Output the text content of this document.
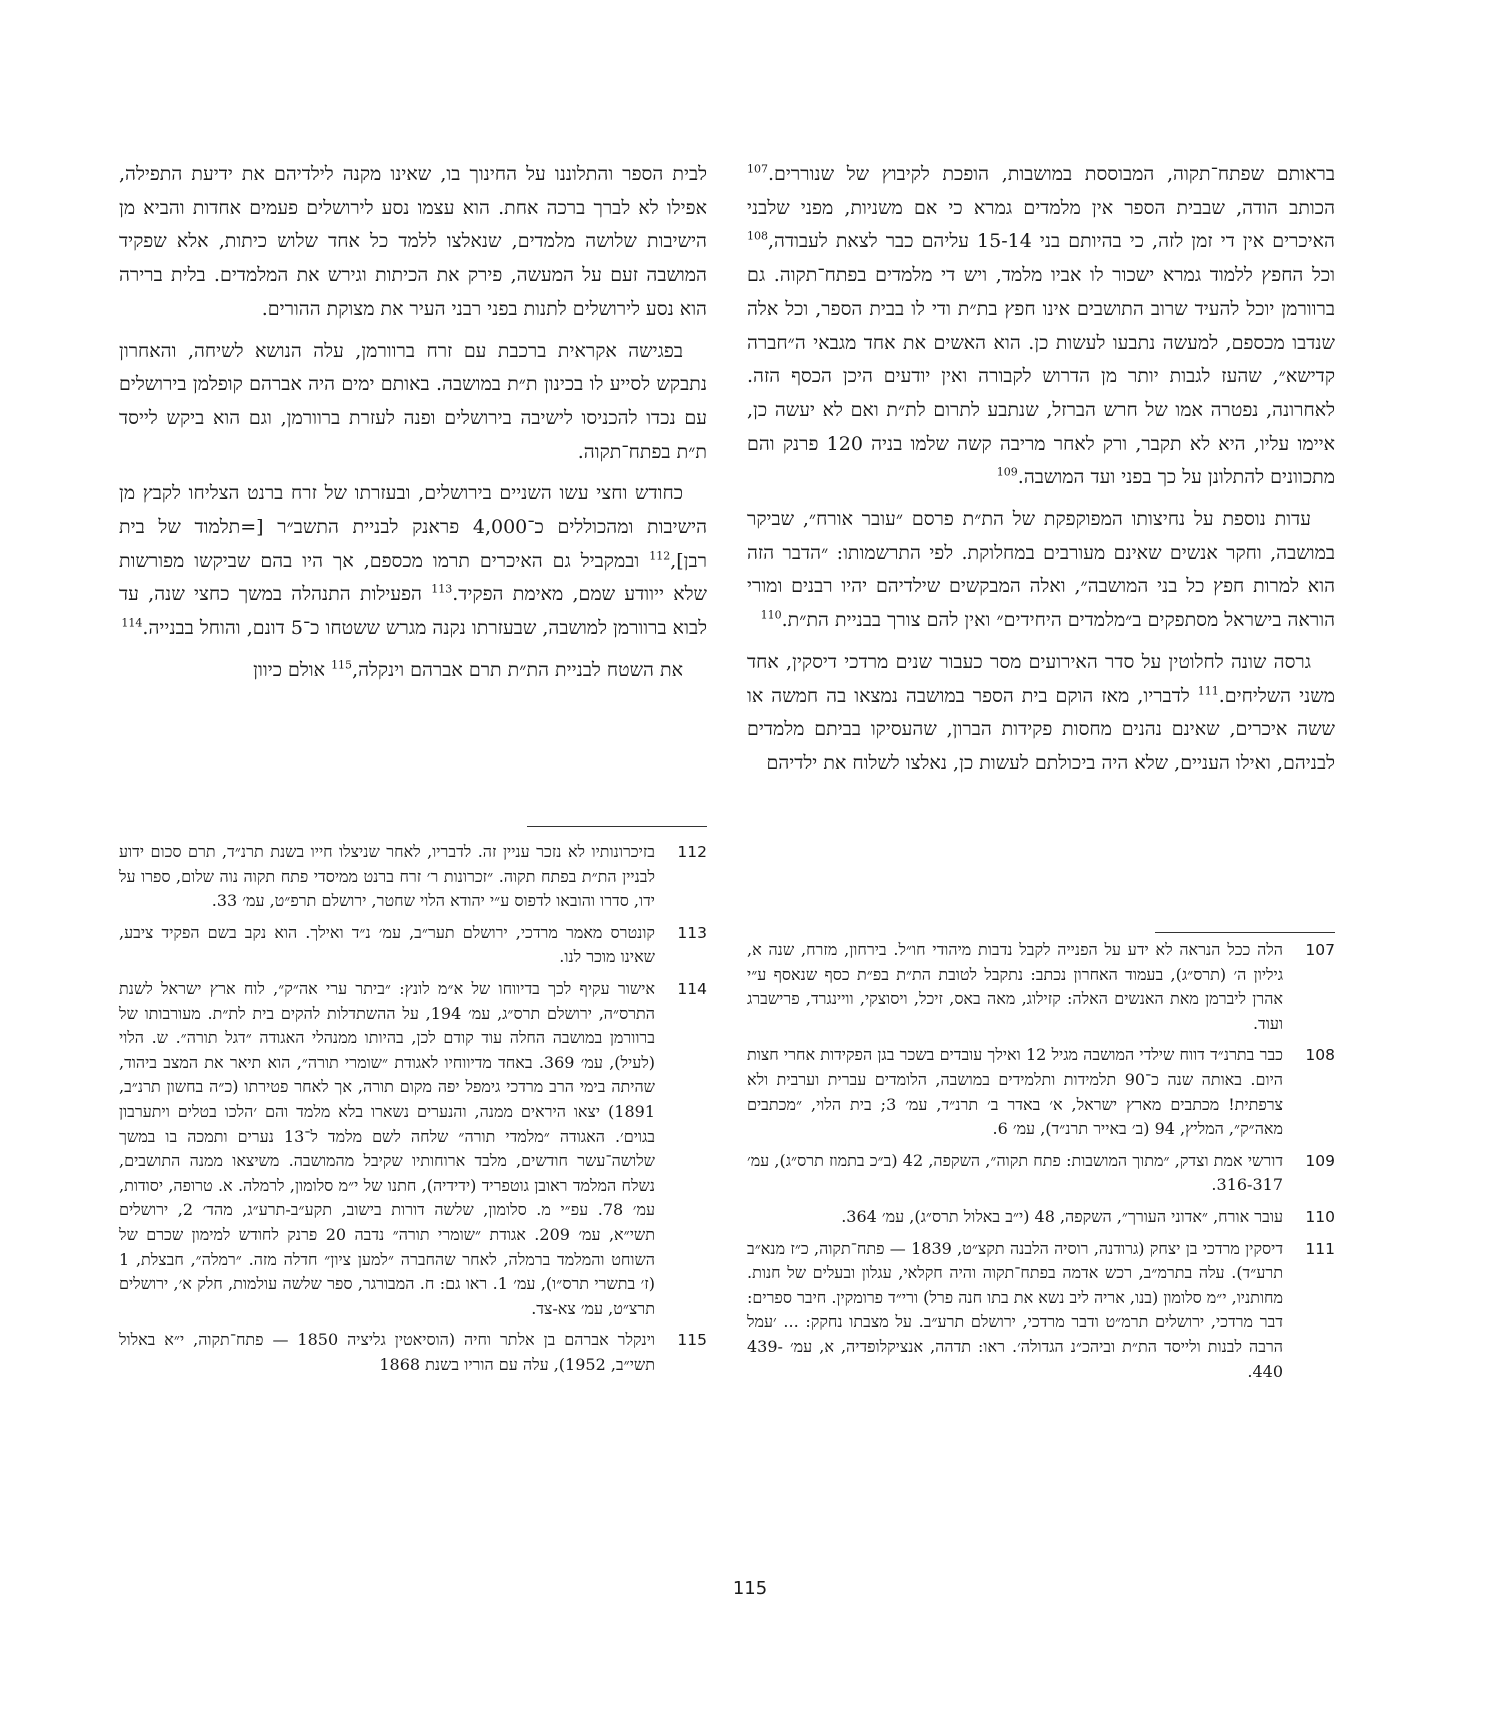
בראותם שפתח־תקוה, המבוססת במושבות, הופכת לקיבוץ של שנוררים.$^{107}$ הכותב הודה, שבבית הספר אין מלמדים גמרא כי אם משניות, מפני שלבני האיכרים אין די זמן לזה, כי בהיותם בני 15-14 עליהם כבר לצאת לעבודה,$^{108}$ וכל החפץ ללמוד גמרא ישכור לו אביו מלמד, ויש די מלמדים בפתח־תקוה. גם ברוורמן יוכל להעיד שרוב התושבים אינו חפץ בת״ת ודי לו בבית הספר, וכל אלה שנדבו מכספם, למעשה נתבעו לעשות כן. הוא האשים את אחד מגבאי ה״חברה קדישא״, שהעז לגבות יותר מן הדרוש לקבורה ואין יודעים היכן הכסף הזה. לאחרונה, נפטרה אמו של חרש הברזל, שנתבע לתרום לת״ת ואם לא יעשה כן, איימו עליו, היא לא תקבר, ורק לאחר מריבה קשה שלמו בניה 120 פרנק והם מתכוונים להתלונן על כך בפני ועד המושבה.$^{109}$

עדות נוספת על נחיצותו המפוקפקת של הת״ת פרסם ״עובר אורח״, שביקר במושבה, וחקר אנשים שאינם מעורבים במחלוקת. לפי התרשמותו: ״הדבר הזה הוא למרות חפץ כל בני המושבה״, ואלה המבקשים שילדיהם יהיו רבנים ומורי הוראה בישראל מסתפקים ב״מלמדים היחידים״ ואין להם צורך בבניית הת״ת.$^{110}$

גרסה שונה לחלוטין על סדר האירועים מסר כעבור שנים מרדכי דיסקין, אחד משני השליחים.$^{111}$ לדבריו, מאז הוקם בית הספר במושבה נמצאו בה חמשה או ששה איכרים, שאינם נהנים מחסות פקידות הברון, שהעסיקו בביתם מלמדים לבניהם, ואילו העניים, שלא היה ביכולתם לעשות כן, נאלצו לשלוח את ילדיהם

לבית הספר והתלוננו על החינוך בו, שאינו מקנה לילדיהם את ידיעת התפילה, אפילו לא לברך ברכה אחת. הוא עצמו נסע לירושלים פעמים אחדות והביא מן הישיבות שלושה מלמדים, שנאלצו ללמד כל אחד שלוש כיתות, אלא שפקיד המושבה זעם על המעשה, פירק את הכיתות וגירש את המלמדים. בלית ברירה הוא נסע לירושלים לתנות בפני רבני העיר את מצוקת ההורים.

בפגישה אקראית ברכבת עם זרח ברוורמן, עלה הנושא לשיחה, והאחרון נתבקש לסייע לו בכינון ת״ת במושבה. באותם ימים היה אברהם קופלמן בירושלים עם נכדו להכניסו לישיבה בירושלים ופנה לעזרת ברוורמן, וגם הוא ביקש לייסד ת״ת בפתח־תקוה.

כחודש וחצי עשו השניים בירושלים, ובעזרתו של זרח ברנט הצליחו לקבץ מן הישיבות ומהכוללים כ־4,000 פראנק לבניית התשב״ר [=תלמוד של בית רבן],$^{112}$ ובמקביל גם האיכרים תרמו מכספם, אך היו בהם שביקשו מפורשות שלא ייוודע שמם, מאימת הפקיד.$^{113}$ הפעילות התנהלה במשך כחצי שנה, עד לבוא ברוורמן למושבה, שבעזרתו נקנה מגרש ששטחו כ־5 דונם, והוחל בבנייה.$^{114}$

את השטח לבניית הת״ת תרם אברהם וינקלה,$^{115}$ אולם כיוון

107
הלה ככל הנראה לא ידע על הפנייה לקבל נדבות מיהודי חו״ל. בירחון, מזרח, שנה א, גיליון ה׳ (תרס״ג), בעמוד האחרון נכתב: נתקבל לטובת הת״ת בפ״ת כסף שנאסף ע״י אהרן ליברמן מאת האנשים האלה: קזילוג, מאה באס, זיכל, ויסוצקי, וויינגרד, פרישברג ועוד.
108
כבר בתרנ״ד דווח שילדי המושבה מגיל 12 ואילך עובדים בשכר בגן הפקידות אחרי חצות היום. באותה שנה כ־90 תלמידות ותלמידים במושבה, הלומדים עברית וערבית ולא צרפתית! מכתבים מארץ ישראל, א׳ באדר ב׳ תרנ״ד, עמ׳ 3; בית הלוי, ״מכתבים מאה״ק״, המליץ, 94 (ב׳ באייר תרנ״ד), עמ׳ 6.
109
דורשי אמת וצדק, ״מתוך המושבות: פתח תקוה״, השקפה, 42 (ב״כ בתמוז תרס״ג), עמ׳ 316-317.
110
עובר אורח, ״אדוני העורך״, השקפה, 48 (י״ב באלול תרס״ג), עמ׳ 364.
111
דיסקין מרדכי בן יצחק (גרודנה, רוסיה הלבנה תקצ״ט, 1839 — פתח־תקוה, כ״ז מנא״ב תרע״ד). עלה בתרמ״ב, רכש אדמה בפתח־תקוה והיה חקלאי, עגלון ובעלים של חנות. מחותניו, י״מ סלומון (בנו, אריה ליב נשא את בתו חנה פרל) ורי״ד פרומקין. חיבר ספרים: דבר מרדכי, ירושלים תרמ״ט ודבר מרדכי, ירושלם תרע״ב. על מצבתו נחקק: ... ׳עמל הרבה לבנות ולייסד הת״ת וביהכ״נ הגדולה׳. ראו: תדהה, אנציקלופדיה, א, עמ׳ 439-440.
112
בזיכרונותיו לא נזכר עניין זה. לדבריו, לאחר שניצלו חייו בשנת תרנ״ד, תרם סכום ידוע לבניין הת״ת בפתח תקוה. ״זכרונות ר׳ זרח ברנט ממיסדי פתח תקוה נוה שלום, ספרו על ידו, סדרו והובאו לדפוס ע״י יהודא הלוי שחטר, ירושלם תרפ״ט, עמ׳ 33.
113
קונטרס מאמר מרדכי, ירושלם תער״ב, עמ׳ נ״ד ואילך. הוא נקב בשם הפקיד ציבע, שאינו מוכר לנו.
114
אישור עקיף לכך בדיווחו של א״מ לונץ: ״ביתר ערי אה״ק״, לוח ארץ ישראל לשנת התרס״ה, ירושלם תרס״ג, עמ׳ 194, על ההשתדלות להקים בית לת״ת. מעורבותו של ברוורמן במושבה החלה עוד קודם לכן, בהיותו ממנהלי האגודה ״דגל תורה״. ש. הלוי (לעיל), עמ׳ 369. באחד מדיווחיו לאגודת ״שומרי תורה״, הוא תיאר את המצב ביהוד, שהיתה בימי הרב מרדכי גימפל יפה מקום תורה, אך לאחר פטירתו (כ״ה בחשון תרנ״ב, 1891) יצאו היראים ממנה, והנערים נשארו בלא מלמד והם ׳הלכו בטלים ויתערבון בגוים׳. האגודה ״מלמדי תורה״ שלחה לשם מלמד ל־13 נערים ותמכה בו במשך שלושה־עשר חודשים, מלבד ארוחותיו שקיבל מהמושבה. משיצאו ממנה התושבים, נשלח המלמד ראובן גוטפריד (ידידיה), חתנו של י״מ סלומון, לרמלה. א. טרופה, יסודות, עמ׳ 78. עפ״י מ. סלומון, שלשה דורות בישוב, תקע״ב-תרע״ג, מהד׳ 2, ירושלים תשי״א, עמ׳ 209. אגודת ״שומרי תורה״ נדבה 20 פרנק לחודש למימון שכרם של השוחט והמלמד ברמלה, לאחר שהחברה ״למען ציון״ חדלה מזה. ״רמלה״, חבצלת, 1 (ז׳ בתשרי תרס״ו), עמ׳ 1. ראו גם: ח. המבורגר, ספר שלשה עולמות, חלק א׳, ירושלים תרצ״ט, עמ׳ צא-צד.
115
וינקלר אברהם בן אלתר וחיה (הוסיאטין גליציה 1850 — פתח־תקוה, י״א באלול תשי״ב, 1952), עלה עם הוריו בשנת 1868
115
